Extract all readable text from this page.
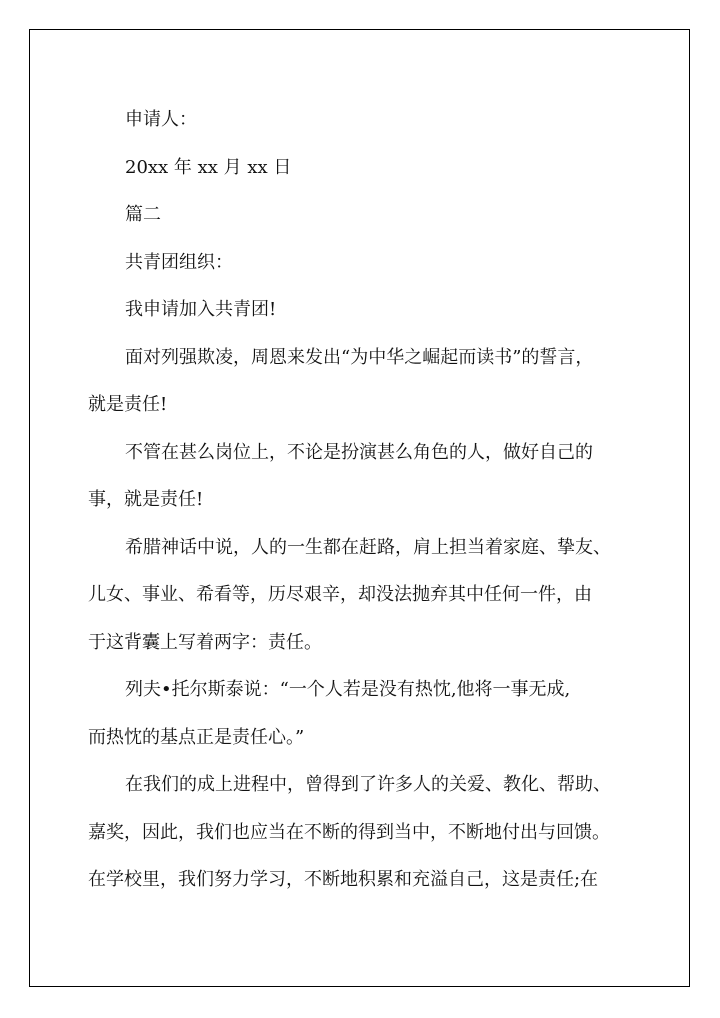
申请人：

20xx 年 xx 月 xx 日

篇二

共青团组织：

我申请加入共青团!

面对列强欺凌，周恩来发出“为中华之崛起而读书”的誓言，

就是责任!

不管在甚么岗位上，不论是扮演甚么角色的人，做好自己的

事，就是责任!

希腊神话中说，人的一生都在赶路，肩上担当着家庭、挚友、

儿女、事业、希看等，历尽艰辛，却没法抛弃其中任何一件，由

于这背囊上写着两字：责任。

列夫•托尔斯泰说：“一个人若是没有热忱,他将一事无成,

而热忱的基点正是责任心。”

在我们的成上进程中，曾得到了许多人的关爱、教化、帮助、

嘉奖，因此，我们也应当在不断的得到当中，不断地付出与回馈。

在学校里，我们努力学习，不断地积累和充溢自己，这是责任;在
